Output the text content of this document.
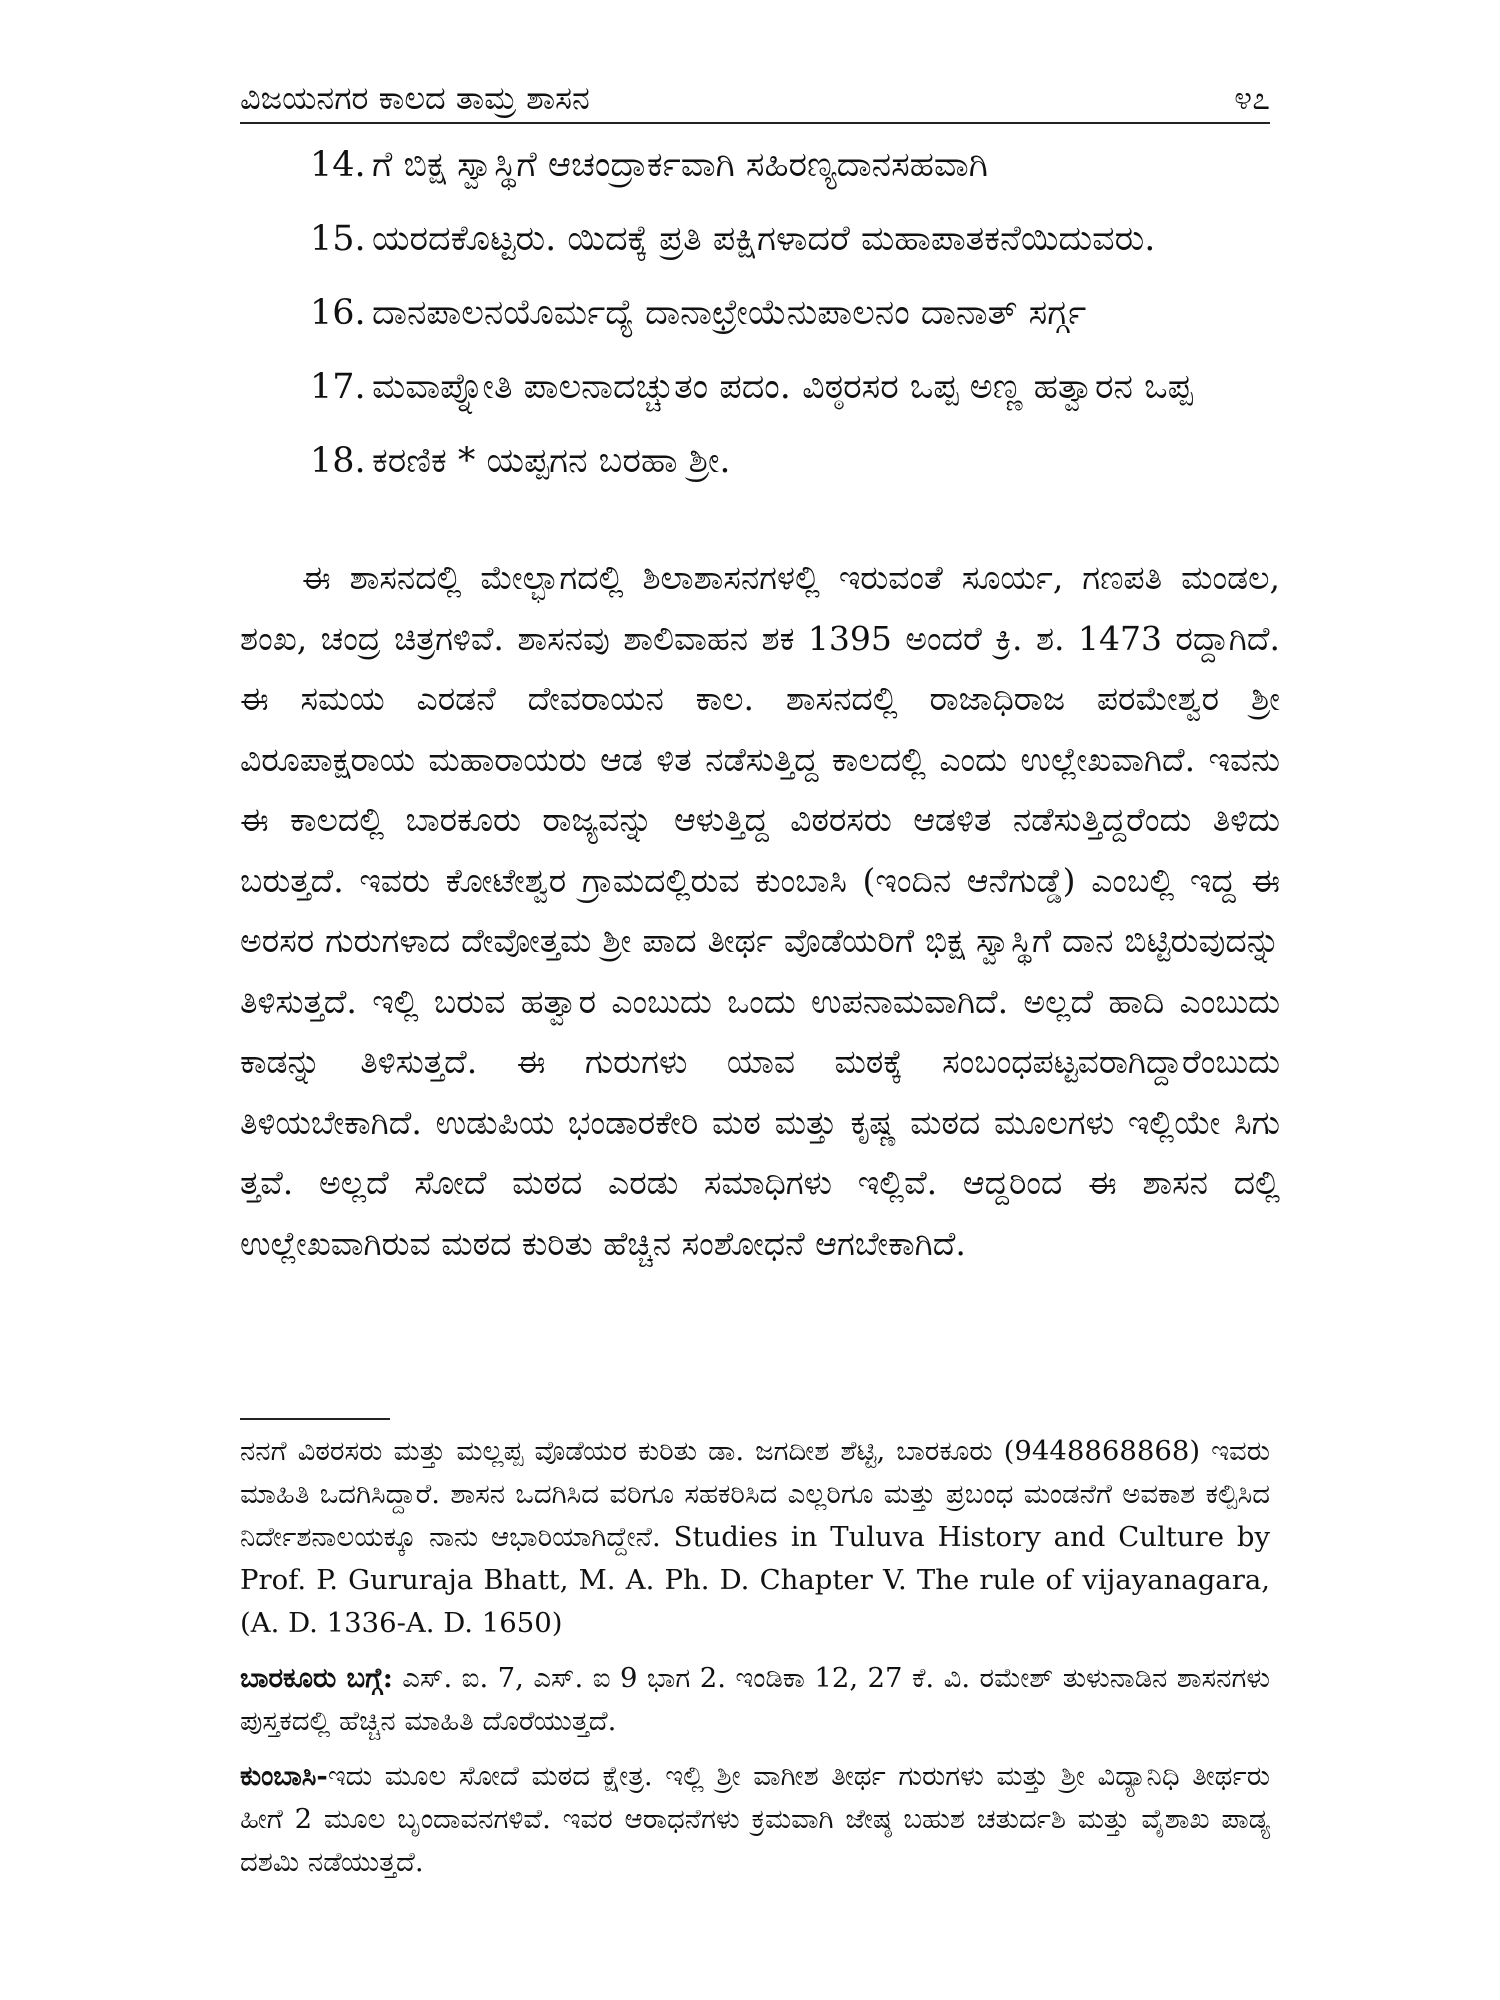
ವಿಜಯನಗರ ಕಾಲದ ತಾಮ್ರ ಶಾಸನ	೪೭
14. ಗೆ ಬಿಕ್ಷ ಸ್ವಾಸ್ಥಿಗೆ ಆಚಂದ್ರಾರ್ಕವಾಗಿ ಸಹಿರಣ್ಯದಾನಸಹವಾಗಿ
15. ಯರದಕೊಟ್ಟರು. ಯಿದಕ್ಕೆ ಪ್ರತಿ ಪಕ್ಷಿಗಳಾದರೆ ಮಹಾಪಾತಕನೆಯಿದುವರು.
16. ದಾನಪಾಲನಯೊರ್ಮದ್ಯೆ ದಾನಾಛ್ರೇಯೆನುಪಾಲನಂ ದಾನಾತ್ ಸರ್ಗ್ಗ
17. ಮವಾಪ್ನೋತಿ ಪಾಲನಾದಚ್ಚುತಂ ಪದಂ. ವಿಠ್ಠರಸರ ಒಪ್ಪ ಅಣ್ಣ ಹತ್ವಾರನ ಒಪ್ಪ
18. ಕರಣಿಕ * ಯಪ್ಪಗನ ಬರಹಾ ಶ್ರೀ.

ಈ ಶಾಸನದಲ್ಲಿ ಮೇಲ್ಭಾಗದಲ್ಲಿ ಶಿಲಾಶಾಸನಗಳಲ್ಲಿ ಇರುವಂತೆ ಸೂರ್ಯ, ಗಣಪತಿ ಮಂಡಲ, ಶಂಖ, ಚಂದ್ರ ಚಿತ್ರಗಳಿವೆ. ಶಾಸನವು ಶಾಲಿವಾಹನ ಶಕ 1395 ಅಂದರೆ ಕ್ರಿ. ಶ. 1473 ರದ್ದಾಗಿದೆ. ಈ ಸಮಯ ಎರಡನೆ ದೇವರಾಯನ ಕಾಲ. ಶಾಸನದಲ್ಲಿ ರಾಜಾಧಿರಾಜ ಪರಮೇಶ್ವರ ಶ್ರೀ ವಿರೂಪಾಕ್ಷರಾಯ ಮಹಾರಾಯರು ಆಡ ಳಿತ ನಡೆಸುತ್ತಿದ್ದ ಕಾಲದಲ್ಲಿ ಎಂದು ಉಲ್ಲೇಖವಾಗಿದೆ. ಇವನು ಈ ಕಾಲದಲ್ಲಿ ಬಾರಕೂರು ರಾಜ್ಯವನ್ನು ಆಳುತ್ತಿದ್ದ ವಿಠರಸರು ಆಡಳಿತ ನಡೆಸುತ್ತಿದ್ದರೆಂದು ತಿಳಿದು ಬರುತ್ತದೆ. ಇವರು ಕೋಟೇಶ್ವರ ಗ್ರಾಮದಲ್ಲಿರುವ ಕುಂಬಾಸಿ (ಇಂದಿನ ಆನೆಗುಡ್ಡೆ) ಎಂಬಲ್ಲಿ ಇದ್ದ ಈ ಅರಸರ ಗುರುಗಳಾದ ದೇವೋತ್ತಮ ಶ್ರೀ ಪಾದ ತೀರ್ಥ ವೊಡೆಯರಿಗೆ ಭಿಕ್ಷ ಸ್ವಾಸ್ಥಿಗೆ ದಾನ ಬಿಟ್ಟಿರುವುದನ್ನು ತಿಳಿಸುತ್ತದೆ. ಇಲ್ಲಿ ಬರುವ ಹತ್ವಾರ ಎಂಬುದು ಒಂದು ಉಪನಾಮವಾಗಿದೆ. ಅಲ್ಲದೆ ಹಾದಿ ಎಂಬುದು ಕಾಡನ್ನು ತಿಳಿಸುತ್ತದೆ. ಈ ಗುರುಗಳು ಯಾವ ಮಠಕ್ಕೆ ಸಂಬಂಧಪಟ್ಟವರಾಗಿದ್ದಾರೆಂಬುದು ತಿಳಿಯಬೇಕಾಗಿದೆ. ಉಡುಪಿಯ ಭಂಡಾರಕೇರಿ ಮಠ ಮತ್ತು ಕೃಷ್ಣ ಮಠದ ಮೂಲಗಳು ಇಲ್ಲಿಯೇ ಸಿಗು ತ್ತವೆ. ಅಲ್ಲದೆ ಸೋದೆ ಮಠದ ಎರಡು ಸಮಾಧಿಗಳು ಇಲ್ಲಿವೆ. ಆದ್ದರಿಂದ ಈ ಶಾಸನ ದಲ್ಲಿ ಉಲ್ಲೇಖವಾಗಿರುವ ಮಠದ ಕುರಿತು ಹೆಚ್ಚಿನ ಸಂಶೋಧನೆ ಆಗಬೇಕಾಗಿದೆ.

ನನಗೆ ವಿಠರಸರು ಮತ್ತು ಮಲ್ಲಪ್ಪ ವೊಡೆಯರ ಕುರಿತು ಡಾ. ಜಗದೀಶ ಶೆಟ್ಟಿ, ಬಾರಕೂರು (9448868868) ಇವರು ಮಾಹಿತಿ ಒದಗಿಸಿದ್ದಾರೆ. ಶಾಸನ ಒದಗಿಸಿದ ವರಿಗೂ ಸಹಕರಿಸಿದ ಎಲ್ಲರಿಗೂ ಮತ್ತು ಪ್ರಬಂಧ ಮಂಡನೆಗೆ ಅವಕಾಶ ಕಲ್ಪಿಸಿದ ನಿರ್ದೇಶನಾಲಯಕ್ಕೂ ನಾನು ಆಭಾರಿಯಾಗಿದ್ದೇನೆ. Studies in Tuluva History and Culture by Prof. P. Gururaja Bhatt, M. A. Ph. D. Chapter V. The rule of vijayanagara, (A. D. 1336-A. D. 1650)

ಬಾರಕೂರು ಬಗ್ಗೆ: ಎಸ್. ಐ. 7, ಎಸ್. ಐ 9 ಭಾಗ 2. ಇಂಡಿಕಾ 12, 27 ಕೆ. ವಿ. ರಮೇಶ್ ತುಳುನಾಡಿನ ಶಾಸನಗಳು ಪುಸ್ತಕದಲ್ಲಿ ಹೆಚ್ಚಿನ ಮಾಹಿತಿ ದೊರೆಯುತ್ತದೆ.

ಕುಂಬಾಸಿ-ಇದು ಮೂಲ ಸೋದೆ ಮಠದ ಕ್ಷೇತ್ರ. ಇಲ್ಲಿ ಶ್ರೀ ವಾಗೀಶ ತೀರ್ಥ ಗುರುಗಳು ಮತ್ತು ಶ್ರೀ ವಿದ್ಯಾನಿಧಿ ತೀರ್ಥರು ಹೀಗೆ 2 ಮೂಲ ಬೃಂದಾವನಗಳಿವೆ. ಇವರ ಆರಾಧನೆಗಳು ಕ್ರಮವಾಗಿ ಜೇಷ್ಠ ಬಹುಶ ಚತುರ್ದಶಿ ಮತ್ತು ವೈಶಾಖ ಪಾಡ್ಯ ದಶಮಿ ನಡೆಯುತ್ತದೆ.
